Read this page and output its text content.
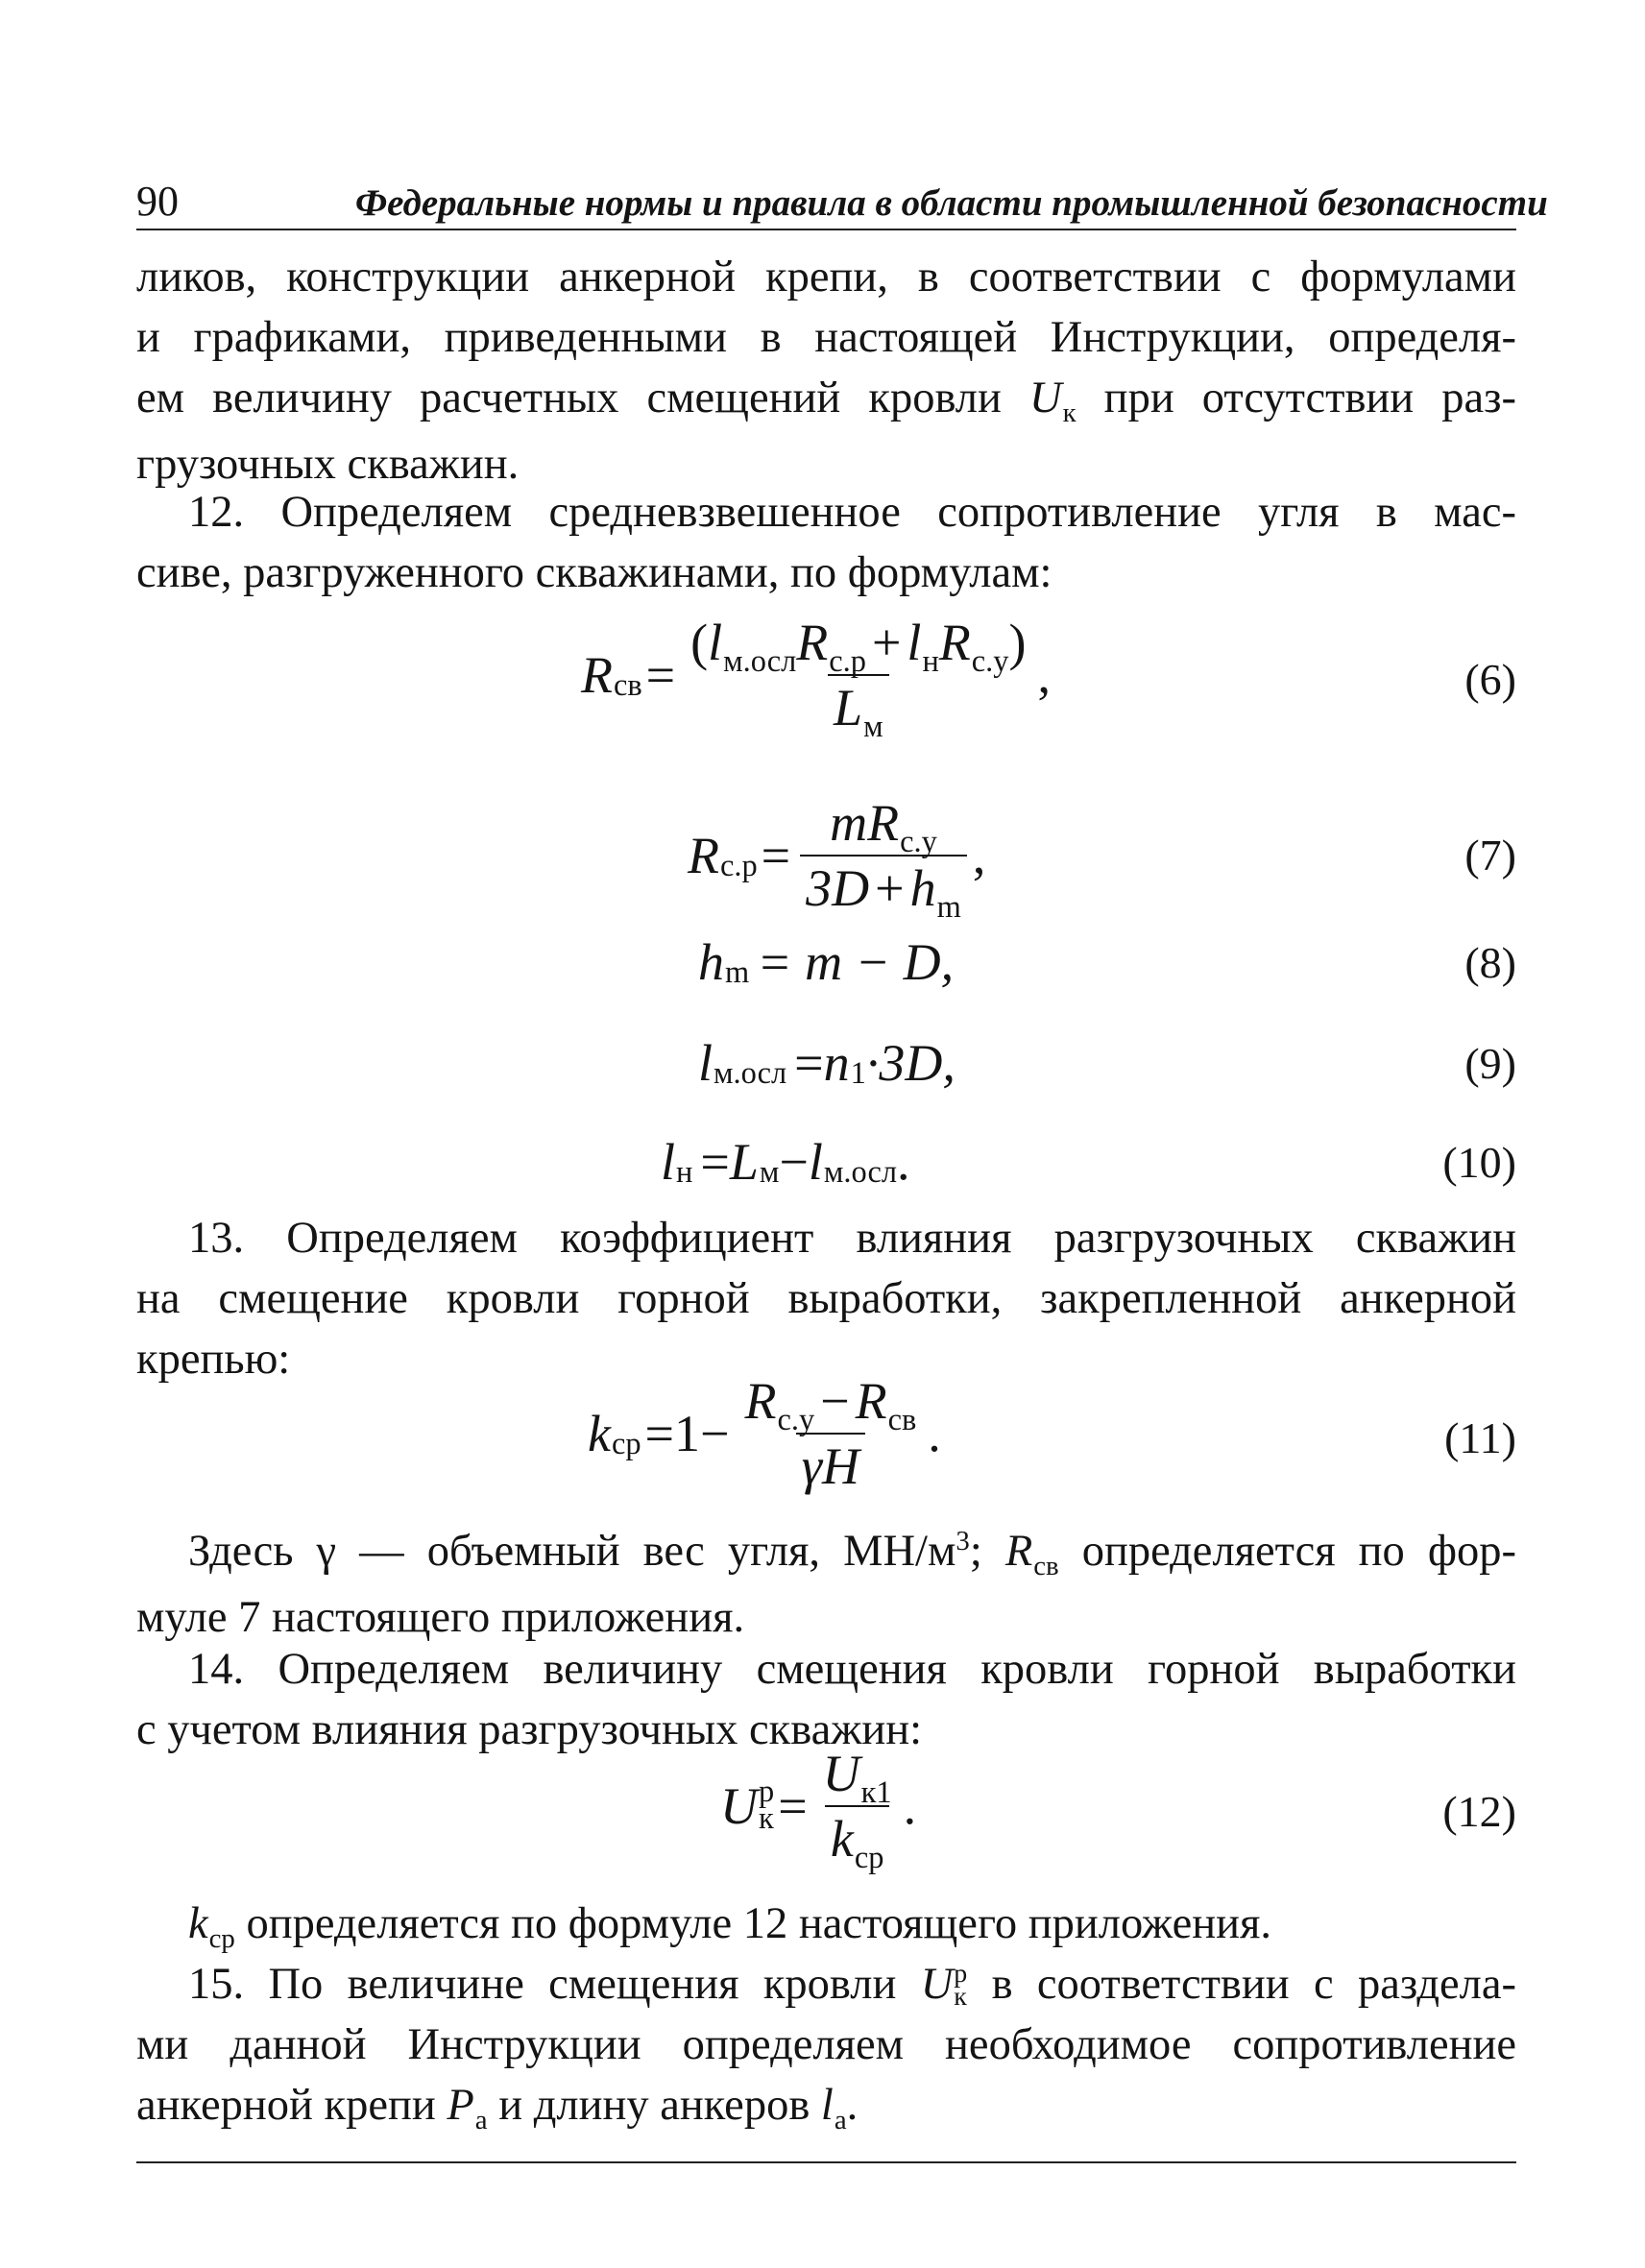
90	Федеральные нормы и правила в области промышленной безопасности
ликов, конструкции анкерной крепи, в соответствии с формулами
и графиками, приведенными в настоящей Инструкции, определя-
ем величину расчетных смещений кровли $U_к$ при отсутствии раз-
грузочных скважин.
12. Определяем средневзвешенное сопротивление угля в мас-
сиве, разгруженного скважинами, по формулам:
R св = $\frac{(l_{м.осл}R_{с.р} + l_нR_{с.у})}{L_м}$ ,	(6)
R $с.р = \frac{mR_{с.у}}{3D + h_m}$ ,	(7)
h m = m − D,	(8)
l м.осл = n 1 ·3D,	(9)
l н = L м − l м.осл .	(10)
13. Определяем коэффициент влияния разгрузочных скважин
на смещение кровли горной выработки, закрепленной анкерной
крепью:
k ср $=1- \frac{R_{с.у} - R_{св}}{\gamma H}$ .	(11)
Здесь γ — объемный вес угля, $МН/м^3$; $R_{св}$ определяется по фор-
муле 7 настоящего приложения.
14. Определяем величину смещения кровли горной выработки
с учетом влияния разгрузочных скважин:
U р
$к = \frac{U_{к1}}{k_{ср}}$ .	(12)
$k_{ср}$ определяется по формуле 12 настоящего приложения.
15. По величине смещения кровли U р
к в соответствии с раздела-
ми данной Инструкции определяем необходимое сопротивление
анкерной крепи $P_а$ и длину анкеров $l_а$.
